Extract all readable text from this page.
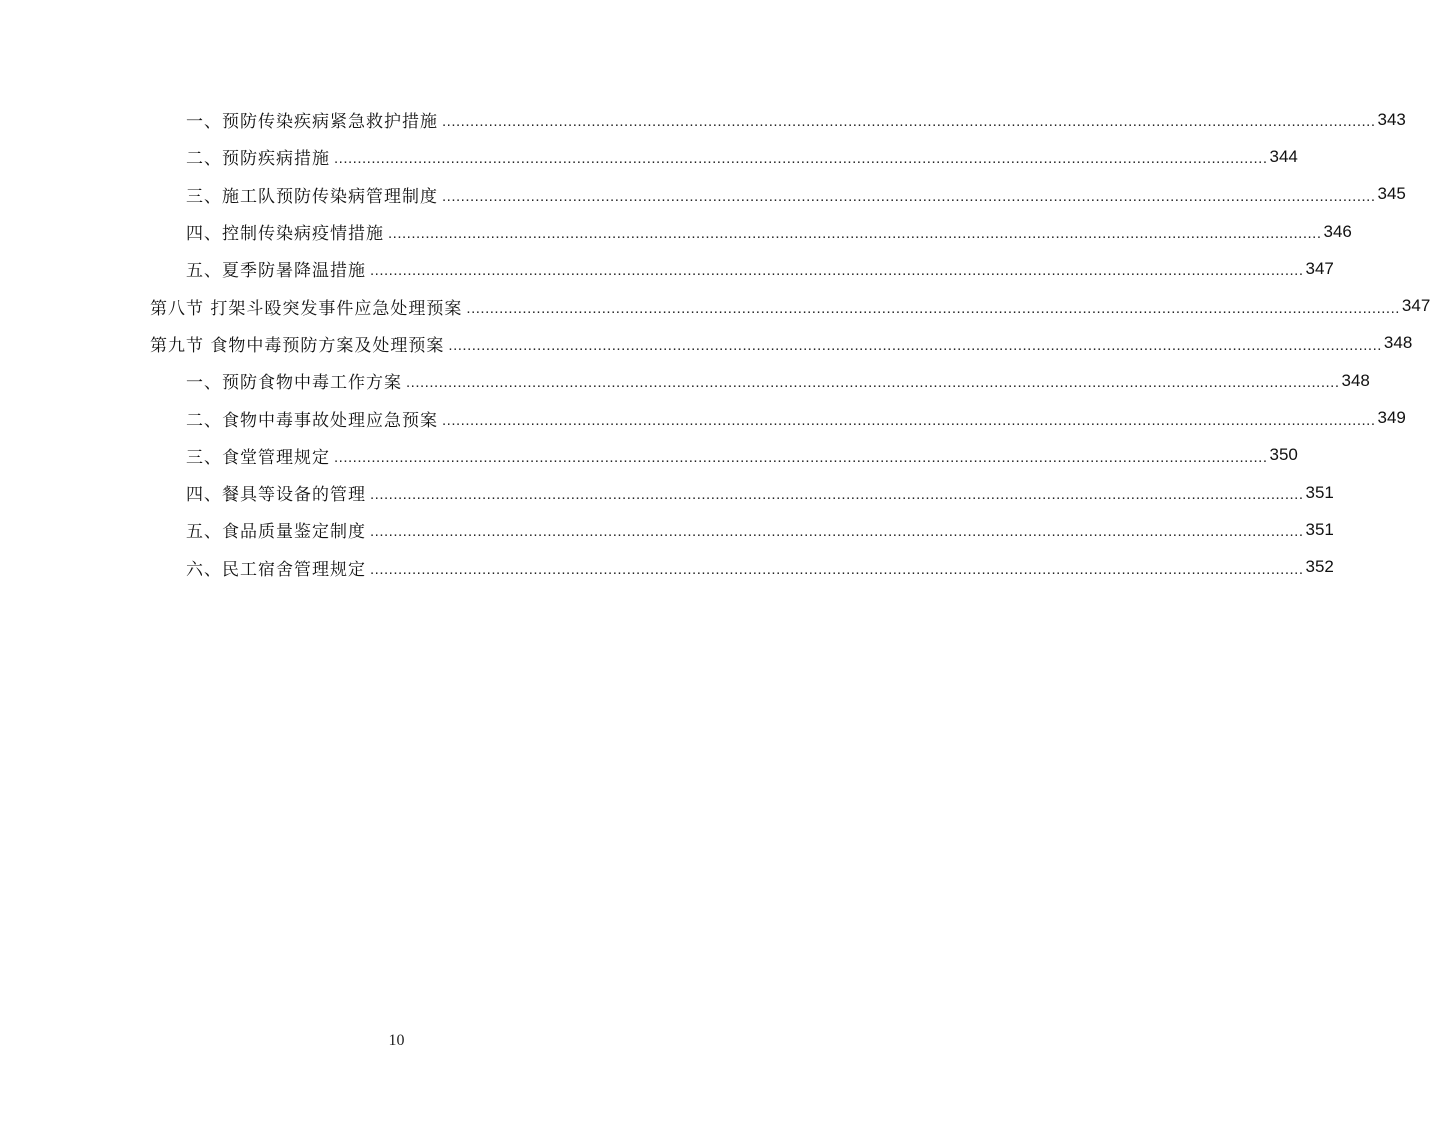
一、预防传染疾病紧急救护措施 ........................................................................................................................................................................................................ 343
二、预防疾病措施 ........................................................................................................................................................................................................ 344
三、施工队预防传染病管理制度 ........................................................................................................................................................................................................ 345
四、控制传染病疫情措施 ........................................................................................................................................................................................................ 346
五、夏季防暑降温措施 ........................................................................................................................................................................................................ 347
第八节 打架斗殴突发事件应急处理预案 ........................................................................................................................................................................................................ 347
第九节 食物中毒预防方案及处理预案 ........................................................................................................................................................................................................ 348
一、预防食物中毒工作方案 ........................................................................................................................................................................................................ 348
二、食物中毒事故处理应急预案 ........................................................................................................................................................................................................ 349
三、食堂管理规定 ........................................................................................................................................................................................................ 350
四、餐具等设备的管理 ........................................................................................................................................................................................................ 351
五、食品质量鉴定制度 ........................................................................................................................................................................................................ 351
六、民工宿舍管理规定 ........................................................................................................................................................................................................ 352
10
